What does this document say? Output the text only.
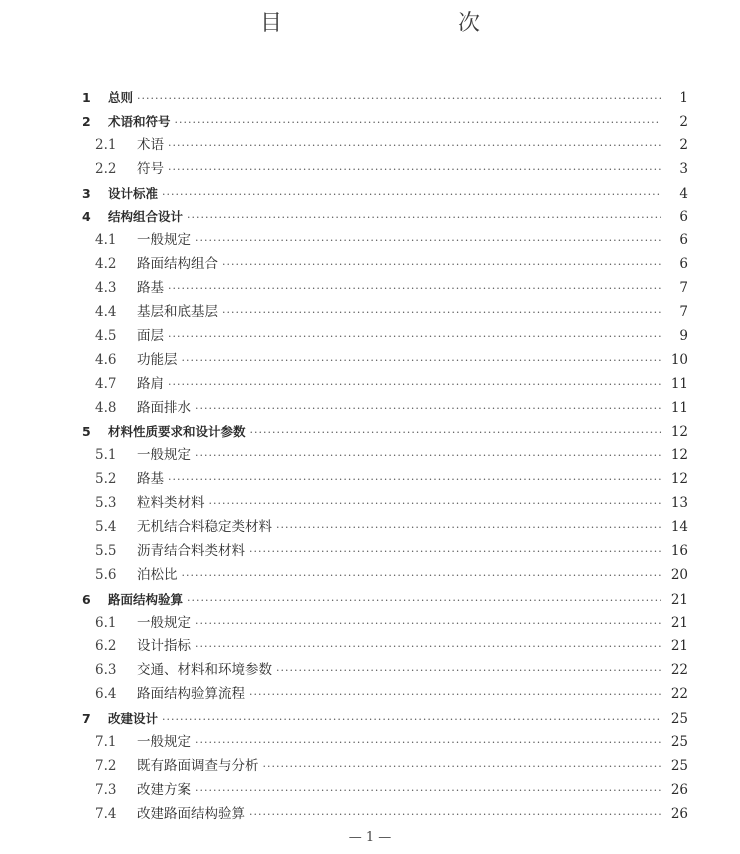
目　　次
1	总则 ·····	1
2	术语和符号 ·····	2
2.1	术语 ·····	2
2.2	符号 ·····	3
3	设计标准 ·····	4
4	结构组合设计 ·····	6
4.1	一般规定 ·····	6
4.2	路面结构组合 ·····	6
4.3	路基 ·····	7
4.4	基层和底基层 ·····	7
4.5	面层 ·····	9
4.6	功能层 ·····	10
4.7	路肩 ·····	11
4.8	路面排水 ·····	11
5	材料性质要求和设计参数 ·····	12
5.1	一般规定 ·····	12
5.2	路基 ·····	12
5.3	粒料类材料 ·····	13
5.4	无机结合料稳定类材料 ·····	14
5.5	沥青结合料类材料 ·····	16
5.6	泊松比 ·····	20
6	路面结构验算 ·····	21
6.1	一般规定 ·····	21
6.2	设计指标 ·····	21
6.3	交通、材料和环境参数 ·····	22
6.4	路面结构验算流程 ·····	22
7	改建设计 ·····	25
7.1	一般规定 ·····	25
7.2	既有路面调查与分析 ·····	25
7.3	改建方案 ·····	26
7.4	改建路面结构验算 ·····	26
— 1 —
